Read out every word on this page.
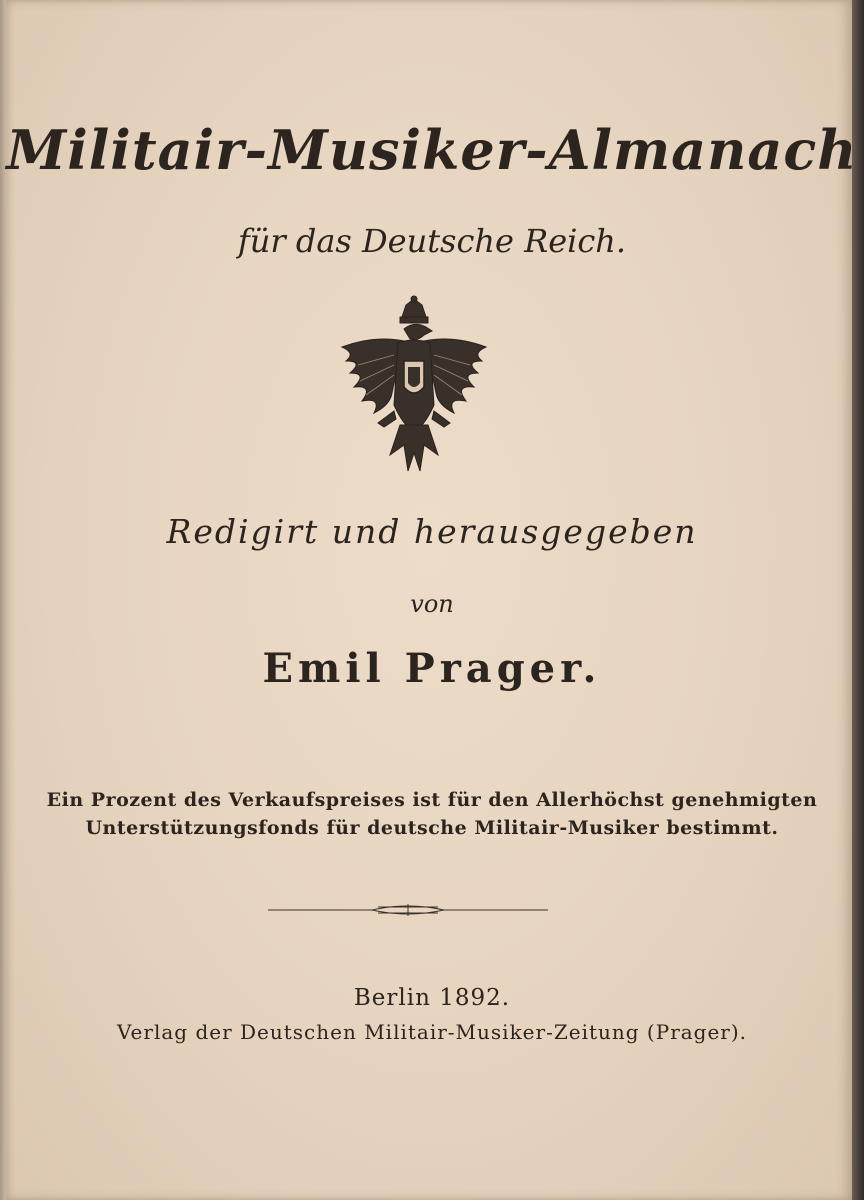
Militair-Musiker-Almanach
für das Deutsche Reich.
Redigirt und herausgegeben
von
Emil Prager.
Ein Prozent des Verkaufspreises ist für den Allerhöchst genehmigten
Unterstützungsfonds für deutsche Militair-Musiker bestimmt.
Berlin 1892.
Verlag der Deutschen Militair-Musiker-Zeitung (Prager).
